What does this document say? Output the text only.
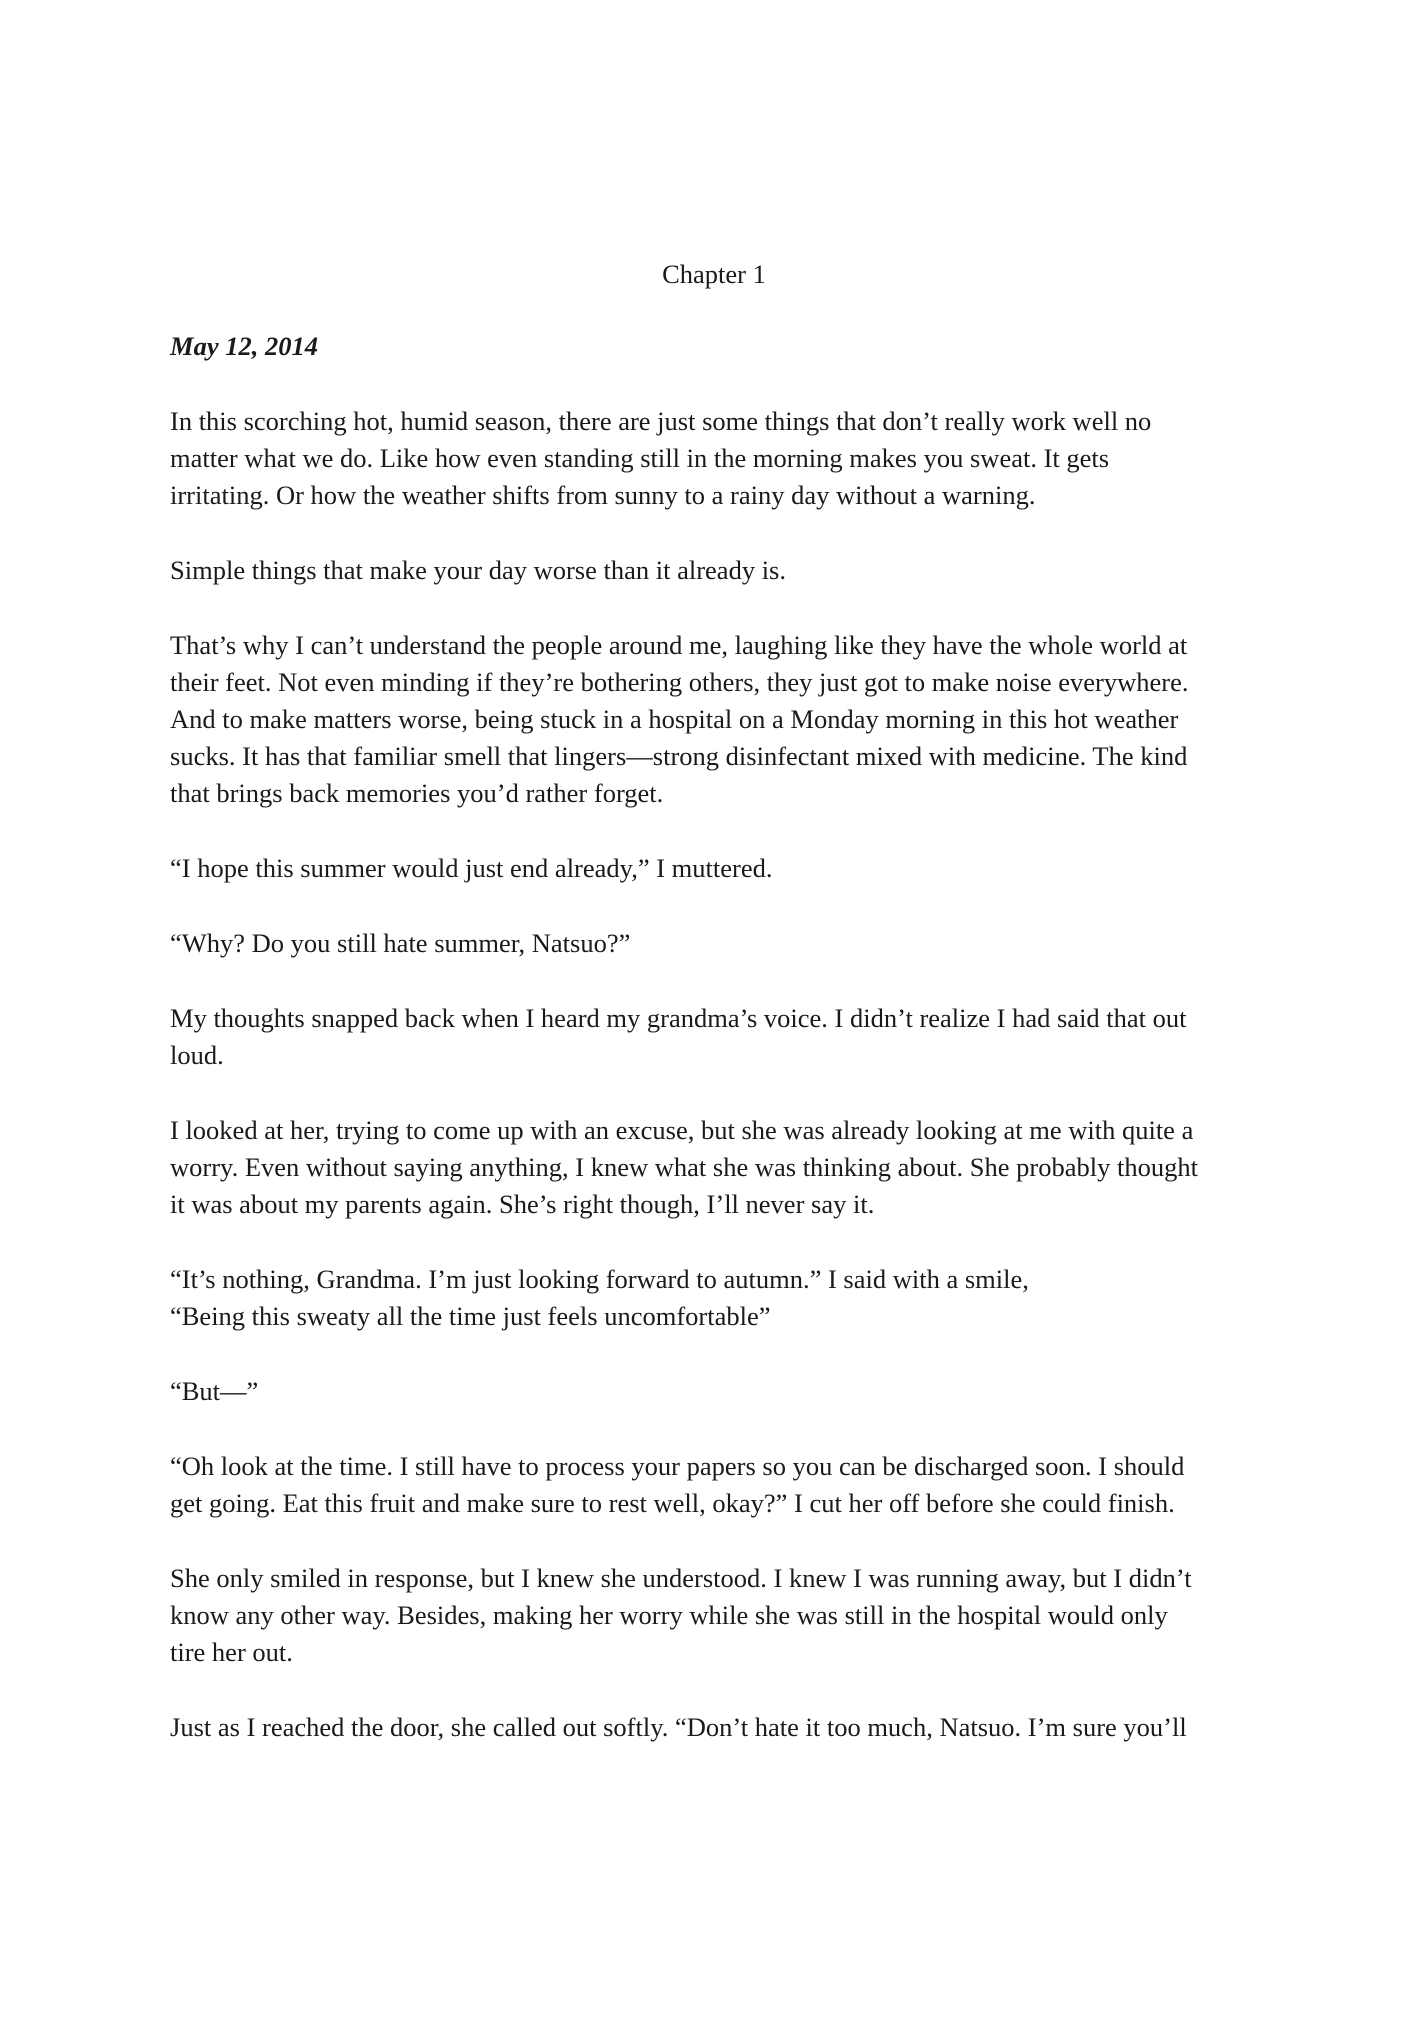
Chapter 1

May 12, 2014

In this scorching hot, humid season, there are just some things that don’t really work well no
matter what we do. Like how even standing still in the morning makes you sweat. It gets
irritating. Or how the weather shifts from sunny to a rainy day without a warning.

Simple things that make your day worse than it already is.

That’s why I can’t understand the people around me, laughing like they have the whole world at
their feet. Not even minding if they’re bothering others, they just got to make noise everywhere.
And to make matters worse, being stuck in a hospital on a Monday morning in this hot weather
sucks. It has that familiar smell that lingers—strong disinfectant mixed with medicine. The kind
that brings back memories you’d rather forget.

“I hope this summer would just end already,” I muttered.

“Why? Do you still hate summer, Natsuo?”

My thoughts snapped back when I heard my grandma’s voice. I didn’t realize I had said that out
loud.

I looked at her, trying to come up with an excuse, but she was already looking at me with quite a
worry. Even without saying anything, I knew what she was thinking about. She probably thought
it was about my parents again. She’s right though, I’ll never say it.

“It’s nothing, Grandma. I’m just looking forward to autumn.” I said with a smile,
“Being this sweaty all the time just feels uncomfortable”

“But—”

“Oh look at the time. I still have to process your papers so you can be discharged soon. I should
get going. Eat this fruit and make sure to rest well, okay?” I cut her off before she could finish.

She only smiled in response, but I knew she understood. I knew I was running away, but I didn’t
know any other way. Besides, making her worry while she was still in the hospital would only
tire her out.

Just as I reached the door, she called out softly. “Don’t hate it too much, Natsuo. I’m sure you’ll
